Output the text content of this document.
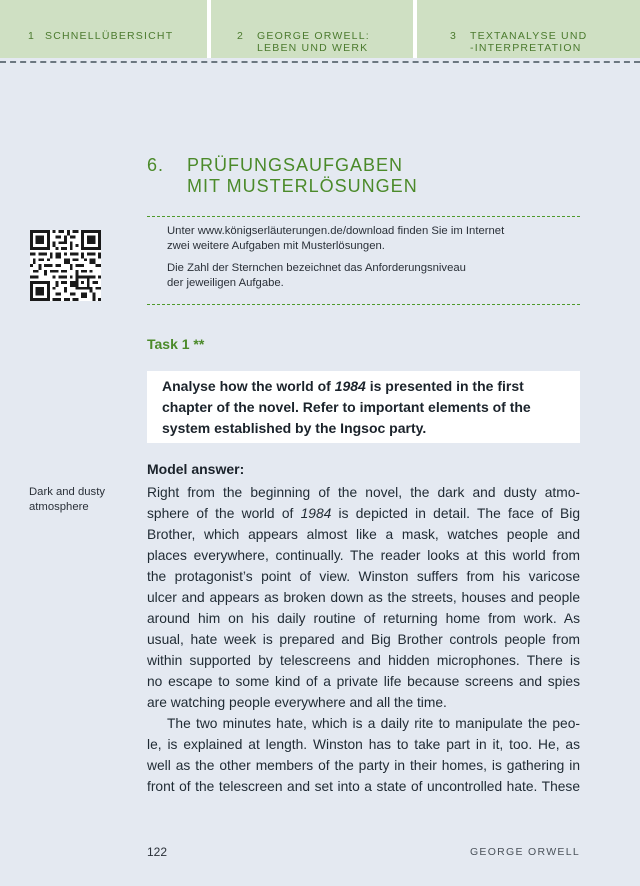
1 SCHNELLÜBERSICHT	2	GEORGE ORWELL:
LEBEN UND WERK
3	TEXTANALYSE UND
-INTERPRETATION
6.	PRÜFUNGSAUFGABEN
MIT MUSTERLÖSUNGEN

Unter www.königserläuterungen.de/download finden Sie im Internet
zwei weitere Aufgaben mit Musterlösungen.

Die Zahl der Sternchen bezeichnet das Anforderungsniveau
der jeweiligen Aufgabe.

Task 1 **
Analyse how the world of 1984 is presented in the first chapter of the novel. Refer to important elements of the system established by the Ingsoc party.
Model answer:
Dark and dusty atmosphere
Right from the beginning of the novel, the dark and dusty atmo-
sphere of the world of 1984 is depicted in detail. The face of Big
Brother, which appears almost like a mask, watches people and
places everywhere, continually. The reader looks at this world from
the protagonist’s point of view. Winston suffers from his varicose
ulcer and appears as broken down as the streets, houses and people
around him on his daily routine of returning home from work. As
usual, hate week is prepared and Big Brother controls people from
within supported by telescreens and hidden microphones. There is
no escape to some kind of a private life because screens and spies
are watching people everywhere and all the time.
The two minutes hate, which is a daily rite to manipulate the peo-
le, is explained at length. Winston has to take part in it, too. He, as
well as the other members of the party in their homes, is gathering in
front of the telescreen and set into a state of uncontrolled hate. These
122	GEORGE ORWELL
